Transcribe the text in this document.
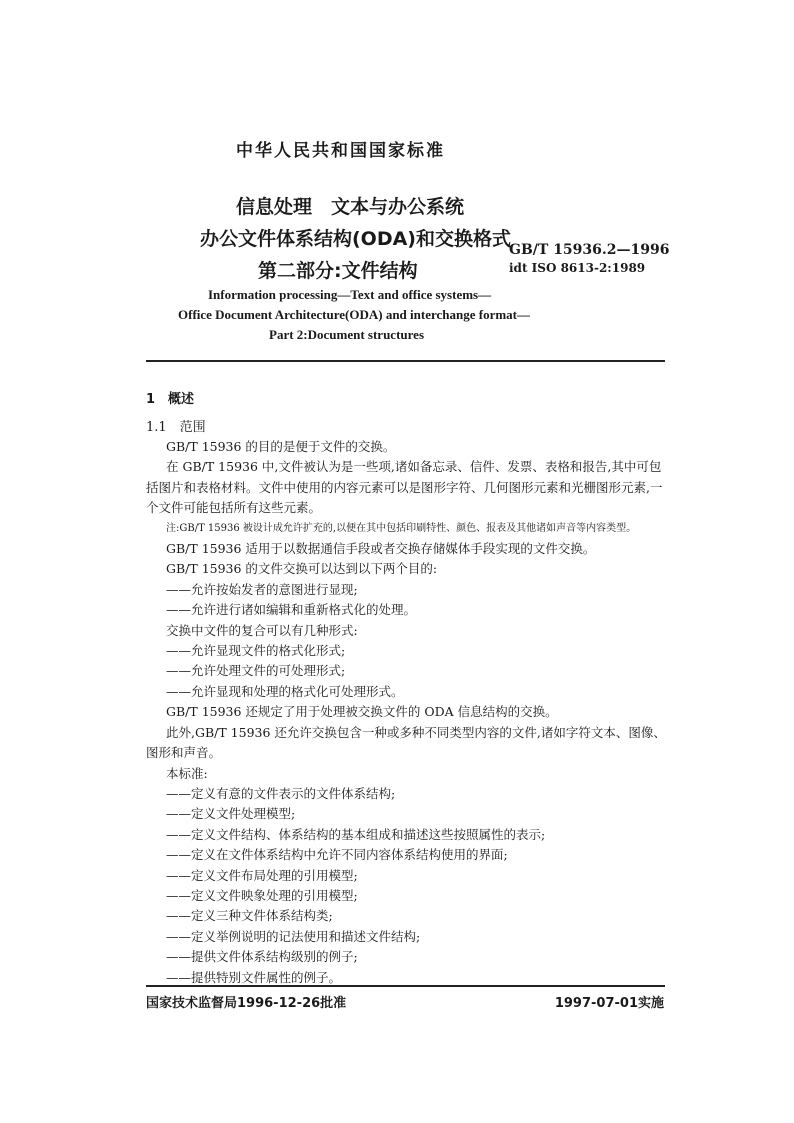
中华人民共和国国家标准
信息处理　文本与办公系统
办公文件体系结构(ODA)和交换格式
第二部分:文件结构
GB/T 15936.2—1996
idt ISO 8613-2:1989
Information processing—Text and office systems—
Office Document Architecture(ODA) and interchange format—
Part 2:Document structures
1　概述
1.1　范围

GB/T 15936 的目的是便于文件的交换。

在 GB/T 15936 中,文件被认为是一些项,诸如备忘录、信件、发票、表格和报告,其中可包括图片和表格材料。文件中使用的内容元素可以是图形字符、几何图形元素和光栅图形元素,一个文件可能包括所有这些元素。

注:GB/T 15936 被设计成允许扩充的,以便在其中包括印刷特性、颜色、报表及其他诸如声音等内容类型。

GB/T 15936 适用于以数据通信手段或者交换存储媒体手段实现的文件交换。

GB/T 15936 的文件交换可以达到以下两个目的:

——允许按始发者的意图进行显现;

——允许进行诸如编辑和重新格式化的处理。

交换中文件的复合可以有几种形式:

——允许显现文件的格式化形式;

——允许处理文件的可处理形式;

——允许显现和处理的格式化可处理形式。

GB/T 15936 还规定了用于处理被交换文件的 ODA 信息结构的交换。

此外,GB/T 15936 还允许交换包含一种或多种不同类型内容的文件,诸如字符文本、图像、图形和声音。

本标准:

——定义有意的文件表示的文件体系结构;

——定义文件处理模型;

——定义文件结构、体系结构的基本组成和描述这些按照属性的表示;

——定义在文件体系结构中允许不同内容体系结构使用的界面;

——定义文件布局处理的引用模型;

——定义文件映象处理的引用模型;

——定义三种文件体系结构类;

——定义举例说明的记法使用和描述文件结构;

——提供文件体系结构级别的例子;

——提供特别文件属性的例子。

国家技术监督局1996-12-26批准	1997-07-01实施
